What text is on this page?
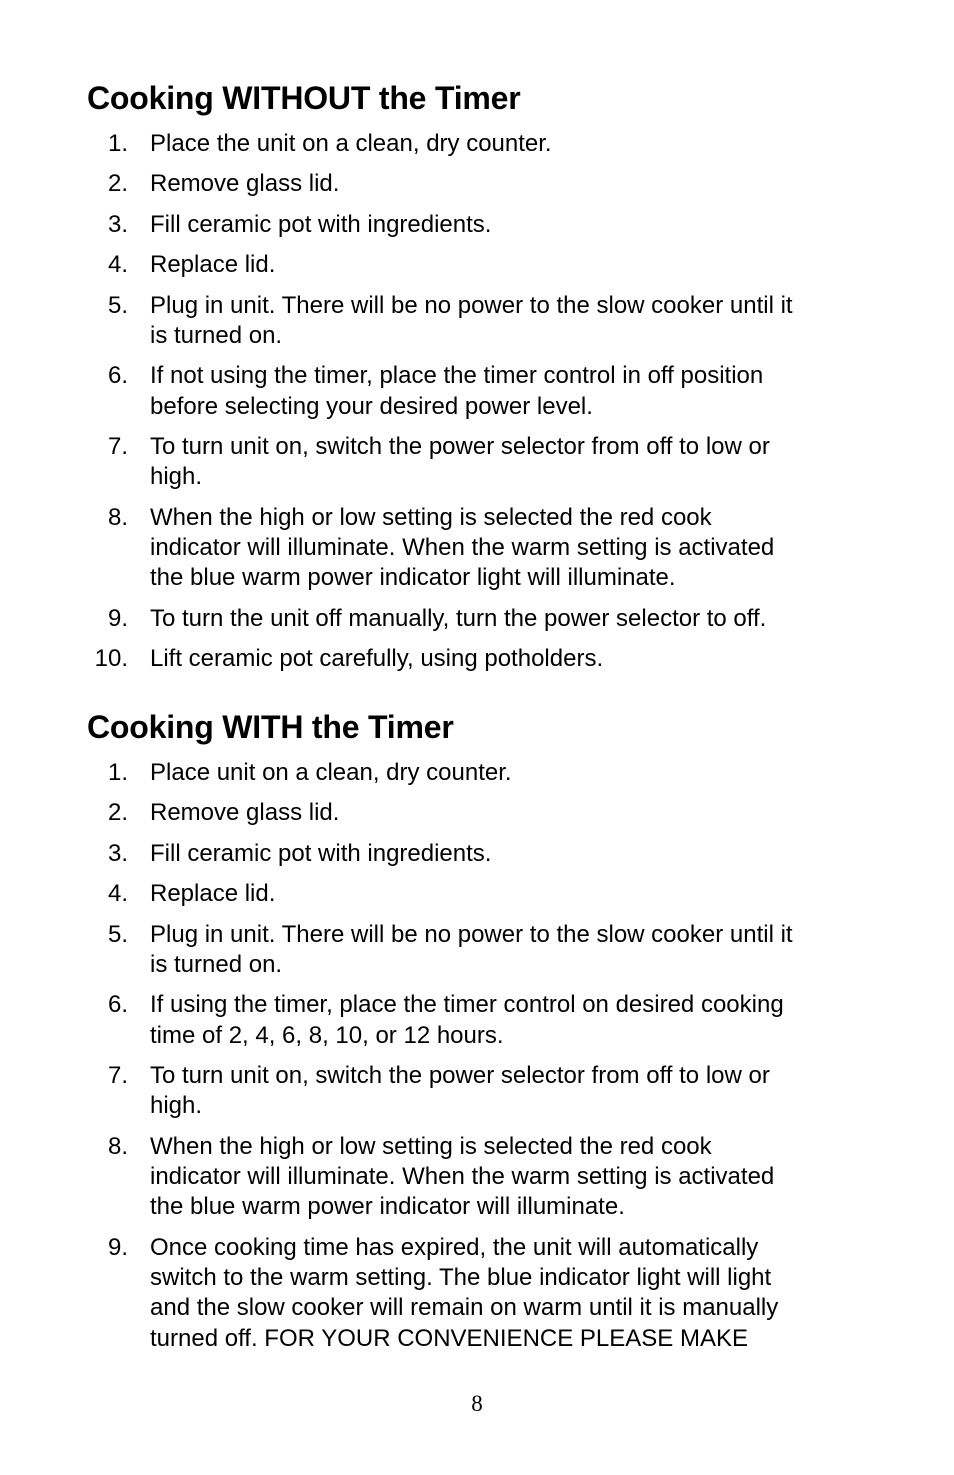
Cooking WITHOUT the Timer
1. Place the unit on a clean, dry counter.
2. Remove glass lid.
3. Fill ceramic pot with ingredients.
4. Replace lid.
5. Plug in unit. There will be no power to the slow cooker until it
is turned on.
6. If not using the timer, place the timer control in off position
before selecting your desired power level.
7. To turn unit on, switch the power selector from off to low or
high.
8. When the high or low setting is selected the red cook
indicator will illuminate. When the warm setting is activated
the blue warm power indicator light will illuminate.
9. To turn the unit off manually, turn the power selector to off.
10. Lift ceramic pot carefully, using potholders.
Cooking WITH the Timer
1. Place unit on a clean, dry counter.
2. Remove glass lid.
3. Fill ceramic pot with ingredients.
4. Replace lid.
5. Plug in unit. There will be no power to the slow cooker until it
is turned on.
6. If using the timer, place the timer control on desired cooking
time of 2, 4, 6, 8, 10, or 12 hours.
7. To turn unit on, switch the power selector from off to low or
high.
8. When the high or low setting is selected the red cook
indicator will illuminate. When the warm setting is activated
the blue warm power indicator will illuminate.
9. Once cooking time has expired, the unit will automatically
switch to the warm setting. The blue indicator light will light
and the slow cooker will remain on warm until it is manually
turned off. FOR YOUR CONVENIENCE PLEASE MAKE
8
